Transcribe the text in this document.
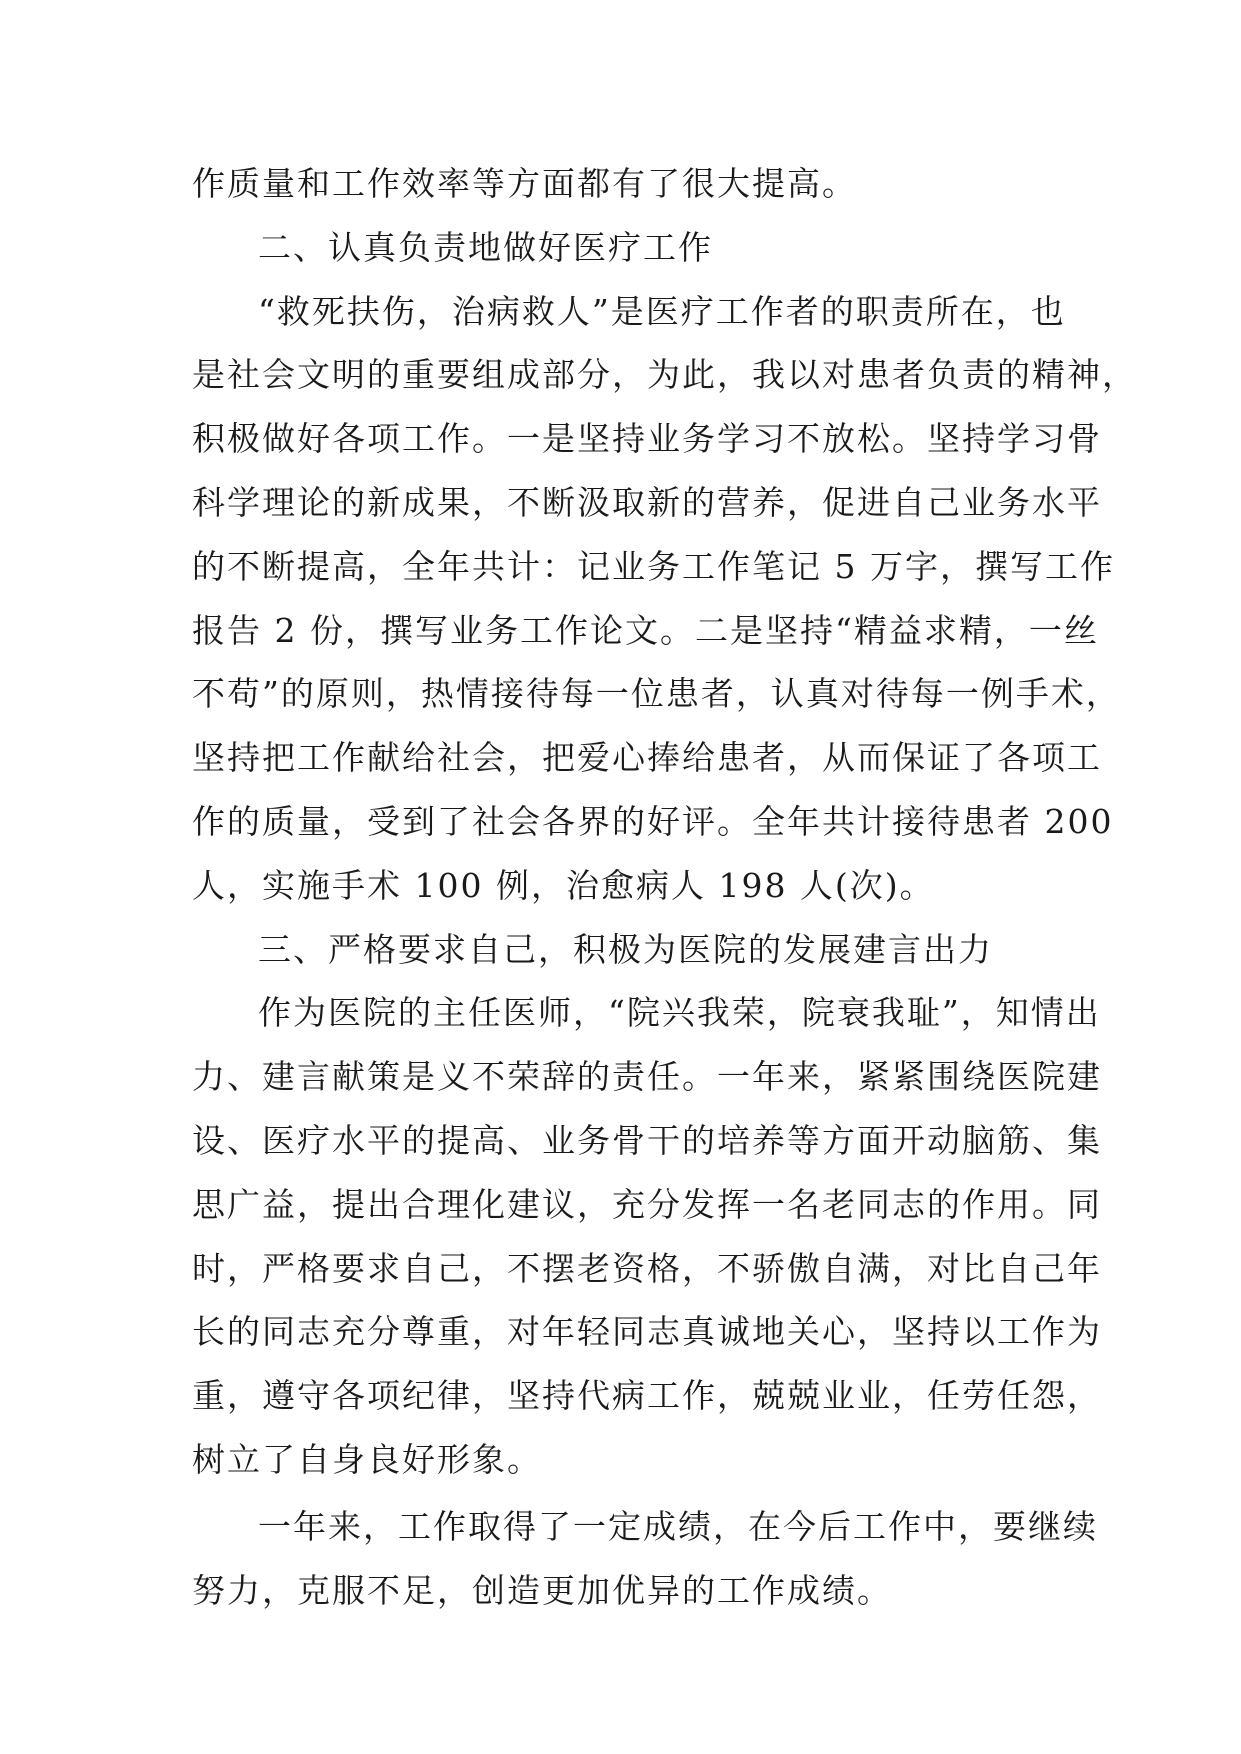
作质量和工作效率等方面都有了很大提高。
二、认真负责地做好医疗工作
“救死扶伤，治病救人”是医疗工作者的职责所在，也
是社会文明的重要组成部分，为此，我以对患者负责的精神，
积极做好各项工作。一是坚持业务学习不放松。坚持学习骨
科学理论的新成果，不断汲取新的营养，促进自己业务水平
的不断提高，全年共计：记业务工作笔记 5 万字，撰写工作
报告 2 份，撰写业务工作论文。二是坚持“精益求精，一丝
不苟”的原则，热情接待每一位患者，认真对待每一例手术，
坚持把工作献给社会，把爱心捧给患者，从而保证了各项工
作的质量，受到了社会各界的好评。全年共计接待患者 200
人，实施手术 100 例，治愈病人 198 人(次)。
三、严格要求自己，积极为医院的发展建言出力
作为医院的主任医师，“院兴我荣，院衰我耻”，知情出
力、建言献策是义不荣辞的责任。一年来，紧紧围绕医院建
设、医疗水平的提高、业务骨干的培养等方面开动脑筋、集
思广益，提出合理化建议，充分发挥一名老同志的作用。同
时，严格要求自己，不摆老资格，不骄傲自满，对比自己年
长的同志充分尊重，对年轻同志真诚地关心，坚持以工作为
重，遵守各项纪律，坚持代病工作，兢兢业业，任劳任怨，
树立了自身良好形象。
一年来，工作取得了一定成绩，在今后工作中，要继续
努力，克服不足，创造更加优异的工作成绩。
